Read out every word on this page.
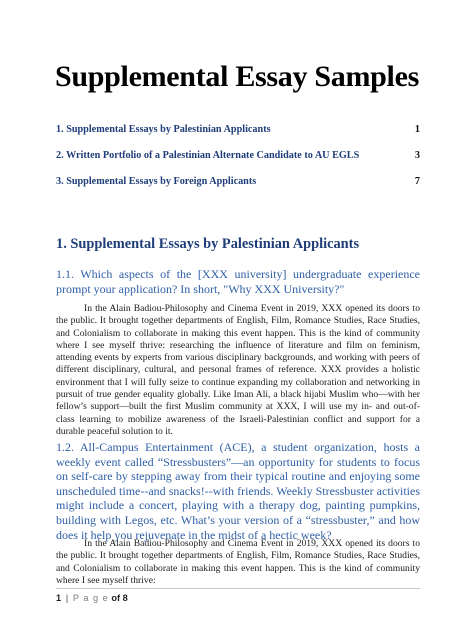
Supplemental Essay Samples
1. Supplemental Essays by Palestinian Applicants	1
2. Written Portfolio of a Palestinian Alternate Candidate to AU EGLS	3
3. Supplemental Essays by Foreign Applicants	7
1. Supplemental Essays by Palestinian Applicants
1.1. Which aspects of the [XXX university] undergraduate experience prompt your application? In short, "Why XXX University?"
In the Alain Badiou-Philosophy and Cinema Event in 2019, XXX opened its doors to the public. It brought together departments of English, Film, Romance Studies, Race Studies, and Colonialism to collaborate in making this event happen. This is the kind of community where I see myself thrive: researching the influence of literature and film on feminism, attending events by experts from various disciplinary backgrounds, and working with peers of different disciplinary, cultural, and personal frames of reference. XXX provides a holistic environment that I will fully seize to continue expanding my collaboration and networking in pursuit of true gender equality globally. Like Iman Ali, a black hijabi Muslim who—with her fellow’s support—built the first Muslim community at XXX, I will use my in- and out-of-class learning to mobilize awareness of the Israeli-Palestinian conflict and support for a durable peaceful solution to it.
1.2. All-Campus Entertainment (ACE), a student organization, hosts a weekly event called “Stressbusters”—an opportunity for students to focus on self-care by stepping away from their typical routine and enjoying some unscheduled time--and snacks!--with friends. Weekly Stressbuster activities might include a concert, playing with a therapy dog, painting pumpkins, building with Legos, etc. What’s your version of a “stressbuster,” and how does it help you rejuvenate in the midst of a hectic week?
In the Alain Badiou-Philosophy and Cinema Event in 2019, XXX opened its doors to the public. It brought together departments of English, Film, Romance Studies, Race Studies, and Colonialism to collaborate in making this event happen. This is the kind of community where I see myself thrive:
1 | P a g e of 8
